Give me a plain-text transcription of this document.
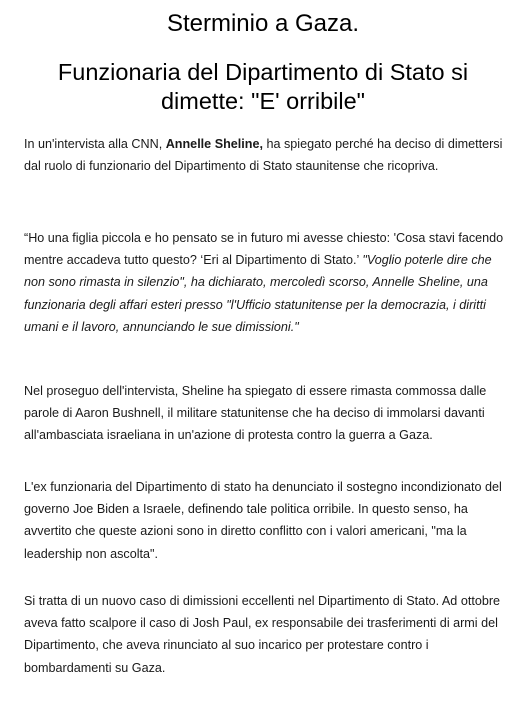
Sterminio a Gaza.
Funzionaria del Dipartimento di Stato si dimette: "E' orribile"

In un'intervista alla CNN, Annelle Sheline, ha spiegato perché ha deciso di dimettersi dal ruolo di funzionario del Dipartimento di Stato staunitense che ricopriva.

“Ho una figlia piccola e ho pensato se in futuro mi avesse chiesto: 'Cosa stavi facendo mentre accadeva tutto questo? ‘Eri al Dipartimento di Stato.’ "Voglio poterle dire che non sono rimasta in silenzio", ha dichiarato, mercoledì scorso, Annelle Sheline, una funzionaria degli affari esteri presso "l'Ufficio statunitense per la democrazia, i diritti umani e il lavoro, annunciando le sue dimissioni."

Nel proseguo dell'intervista, Sheline ha spiegato di essere rimasta commossa dalle parole di Aaron Bushnell, il militare statunitense che ha deciso di immolarsi davanti all'ambasciata israeliana in un'azione di protesta contro la guerra a Gaza.

L'ex funzionaria del Dipartimento di stato ha denunciato il sostegno incondizionato del governo Joe Biden a Israele, definendo tale politica orribile. In questo senso, ha avvertito che queste azioni sono in diretto conflitto con i valori americani, "ma la leadership non ascolta".

Si tratta di un nuovo caso di dimissioni eccellenti nel Dipartimento di Stato. Ad ottobre aveva fatto scalpore il caso di Josh Paul, ex responsabile dei trasferimenti di armi del Dipartimento, che aveva rinunciato al suo incarico per protestare contro i bombardamenti su Gaza.
